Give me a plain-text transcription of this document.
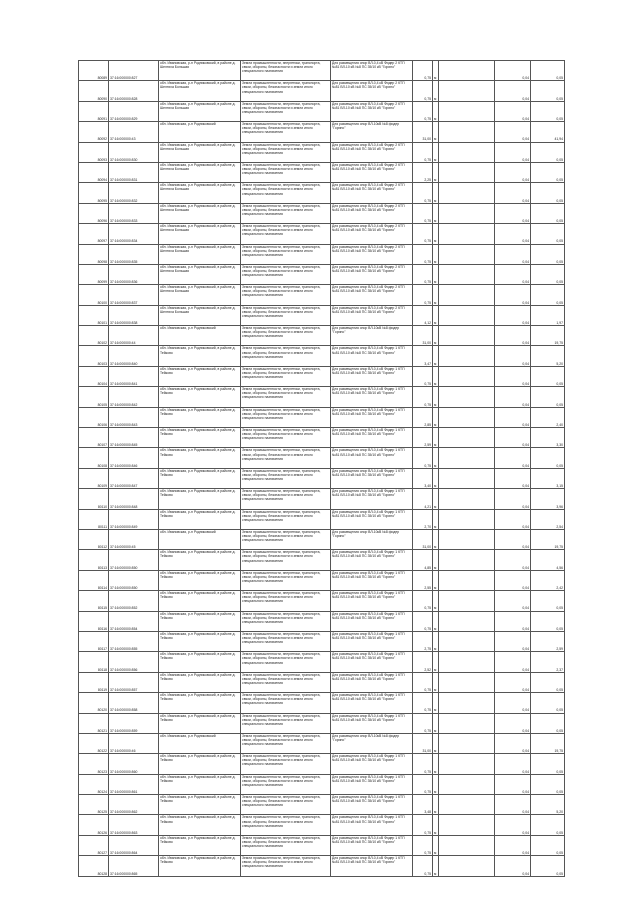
80089	37:16:000000:827	обл. Ивановская, р-н Родниковский, в районе д. Шелтиха Большая	Земли промышленности, энергетики, транспорта, связи, обороны, безопасности и земли иного специального назначения	Для размещения опор ВЛ-0,4 кВ Фидер 2 КТП №81 ВЛ-10 кВ №8 ПС 35/10 кВ "Горино"	0,75	м		0,04	0,05
80090	37:16:000000:828	обл. Ивановская, р-н Родниковский, в районе д. Шелтиха Большая	Земли промышленности, энергетики, транспорта, связи, обороны, безопасности и земли иного специального назначения	Для размещения опор ВЛ-0,4 кВ Фидер 2 КТП №81 ВЛ-10 кВ №8 ПС 35/10 кВ "Горино"	0,75	м		0,04	0,05
80091	37:16:000000:829	обл. Ивановская, р-н Родниковский, в районе д. Шелтиха Большая	Земли промышленности, энергетики, транспорта, связи, обороны, безопасности и земли иного специального назначения	Для размещения опор ВЛ-0,4 кВ Фидер 2 КТП №81 ВЛ-10 кВ №8 ПС 35/10 кВ "Горино"	0,75	м		0,04	0,05
80092	37:16:000000:43	обл. Ивановская, р-н Родниковский	Земли промышленности, энергетики, транспорта, связи, обороны, безопасности и земли иного специального назначения	Для размещения опор ВЛ-10кВ №8 фидер "Горино"	31,00	м		0,04	41,94
80093	37:16:000000:830	обл. Ивановская, р-н Родниковский, в районе д. Шелтиха Большая	Земли промышленности, энергетики, транспорта, связи, обороны, безопасности и земли иного специального назначения	Для размещения опор ВЛ-0,4 кВ Фидер 2 КТП №81 ВЛ-10 кВ №8 ПС 35/10 кВ "Горино"	0,75	м		0,04	0,05
80094	37:16:000000:831	обл. Ивановская, р-н Родниковский, в районе д. Шелтиха Большая	Земли промышленности, энергетики, транспорта, связи, обороны, безопасности и земли иного специального назначения	Для размещения опор ВЛ-0,4 кВ Фидер 2 КТП №81 ВЛ-10 кВ №8 ПС 35/10 кВ "Горино"	2,25	м		0,04	0,05
80095	37:16:000000:832	обл. Ивановская, р-н Родниковский, в районе д. Шелтиха Большая	Земли промышленности, энергетики, транспорта, связи, обороны, безопасности и земли иного специального назначения	Для размещения опор ВЛ-0,4 кВ Фидер 2 КТП №81 ВЛ-10 кВ №8 ПС 35/10 кВ "Горино"	0,75	м		0,04	0,05
80096	37:16:000000:833	обл. Ивановская, р-н Родниковский, в районе д. Шелтиха Большая	Земли промышленности, энергетики, транспорта, связи, обороны, безопасности и земли иного специального назначения	Для размещения опор ВЛ-0,4 кВ Фидер 2 КТП №81 ВЛ-10 кВ №8 ПС 35/10 кВ "Горино"	0,75	м		0,04	0,05
80097	37:16:000000:834	обл. Ивановская, р-н Родниковский, в районе д. Шелтиха Большая	Земли промышленности, энергетики, транспорта, связи, обороны, безопасности и земли иного специального назначения	Для размещения опор ВЛ-0,4 кВ Фидер 2 КТП №81 ВЛ-10 кВ №8 ПС 35/10 кВ "Горино"	0,75	м		0,04	0,05
80098	37:16:000000:835	обл. Ивановская, р-н Родниковский, в районе д. Шелтиха Большая	Земли промышленности, энергетики, транспорта, связи, обороны, безопасности и земли иного специального назначения	Для размещения опор ВЛ-0,4 кВ Фидер 2 КТП №81 ВЛ-10 кВ №8 ПС 35/10 кВ "Горино"	0,75	м		0,04	0,05
80099	37:16:000000:836	обл. Ивановская, р-н Родниковский, в районе д. Шелтиха Большая	Земли промышленности, энергетики, транспорта, связи, обороны, безопасности и земли иного специального назначения	Для размещения опор ВЛ-0,4 кВ Фидер 2 КТП №81 ВЛ-10 кВ №8 ПС 35/10 кВ "Горино"	0,75	м		0,04	0,05
80100	37:16:000000:837	обл. Ивановская, р-н Родниковский, в районе д. Шелтиха Большая	Земли промышленности, энергетики, транспорта, связи, обороны, безопасности и земли иного специального назначения	Для размещения опор ВЛ-0,4 кВ Фидер 2 КТП №81 ВЛ-10 кВ №8 ПС 35/10 кВ "Горино"	0,75	м		0,04	0,05
80101	37:16:000000:838	обл. Ивановская, р-н Родниковский, в районе д. Шелтиха Большая	Земли промышленности, энергетики, транспорта, связи, обороны, безопасности и земли иного специального назначения	Для размещения опор ВЛ-0,4 кВ Фидер 2 КТП №81 ВЛ-10 кВ №8 ПС 35/10 кВ "Горино"	4,12	м		0,04	1,97
80102	37:16:000000:44	обл. Ивановская, р-н Родниковский	Земли промышленности, энергетики, транспорта, связи, обороны, безопасности и земли иного специального назначения	Для размещения опор ВЛ-10кВ №8 фидер "Горино"	31,00	м		0,04	19,75
80103	37:16:000000:840	обл. Ивановская, р-н Родниковский, в районе д. Тейково	Земли промышленности, энергетики, транспорта, связи, обороны, безопасности и земли иного специального назначения	Для размещения опор ВЛ-0,4 кВ Фидер 1 КТП №81 ВЛ-10 кВ №8 ПС 35/10 кВ "Горино"	3,47	м		0,04	5,20
80104	37:16:000000:841	обл. Ивановская, р-н Родниковский, в районе д. Тейково	Земли промышленности, энергетики, транспорта, связи, обороны, безопасности и земли иного специального назначения	Для размещения опор ВЛ-0,4 кВ Фидер 1 КТП №81 ВЛ-10 кВ №8 ПС 35/10 кВ "Горино"	0,75	м		0,04	0,05
80105	37:16:000000:842	обл. Ивановская, р-н Родниковский, в районе д. Тейково	Земли промышленности, энергетики, транспорта, связи, обороны, безопасности и земли иного специального назначения	Для размещения опор ВЛ-0,4 кВ Фидер 1 КТП №81 ВЛ-10 кВ №8 ПС 35/10 кВ "Горино"	0,75	м		0,04	0,05
80106	37:16:000000:843	обл. Ивановская, р-н Родниковский, в районе д. Тейково	Земли промышленности, энергетики, транспорта, связи, обороны, безопасности и земли иного специального назначения	Для размещения опор ВЛ-0,4 кВ Фидер 1 КТП №81 ВЛ-10 кВ №8 ПС 35/10 кВ "Горино"	2,85	м		0,04	2,40
80107	37:16:000000:845	обл. Ивановская, р-н Родниковский, в районе д. Тейково	Земли промышленности, энергетики, транспорта, связи, обороны, безопасности и земли иного специального назначения	Для размещения опор ВЛ-0,4 кВ Фидер 1 КТП №81 ВЛ-10 кВ №8 ПС 35/10 кВ "Горино"	2,59	м		0,04	3,30
80108	37:16:000000:846	обл. Ивановская, р-н Родниковский, в районе д. Тейково	Земли промышленности, энергетики, транспорта, связи, обороны, безопасности и земли иного специального назначения	Для размещения опор ВЛ-0,4 кВ Фидер 1 КТП №81 ВЛ-10 кВ №8 ПС 35/10 кВ "Горино"	0,75	м		0,04	0,05
80109	37:16:000000:847	обл. Ивановская, р-н Родниковский, в районе д. Тейково	Земли промышленности, энергетики, транспорта, связи, обороны, безопасности и земли иного специального назначения	Для размещения опор ВЛ-0,4 кВ Фидер 1 КТП №81 ВЛ-10 кВ №8 ПС 35/10 кВ "Горино"	3,40	м		0,04	3,15
80110	37:16:000000:848	обл. Ивановская, р-н Родниковский, в районе д. Тейково	Земли промышленности, энергетики, транспорта, связи, обороны, безопасности и земли иного специального назначения	Для размещения опор ВЛ-0,4 кВ Фидер 1 КТП №81 ВЛ-10 кВ №8 ПС 35/10 кВ "Горино"	4,21	м		0,04	3,96
80111	37:16:000000:849	обл. Ивановская, р-н Родниковский, в районе д. Тейково	Земли промышленности, энергетики, транспорта, связи, обороны, безопасности и земли иного специального назначения	Для размещения опор ВЛ-0,4 кВ Фидер 1 КТП №81 ВЛ-10 кВ №8 ПС 35/10 кВ "Горино"	2,70	м		0,04	2,54
80112	37:16:000000:45	обл. Ивановская, р-н Родниковский	Земли промышленности, энергетики, транспорта, связи, обороны, безопасности и земли иного специального назначения	Для размещения опор ВЛ-10кВ №8 фидер "Горино"	31,00	м		0,04	19,75
80113	37:16:000000:850	обл. Ивановская, р-н Родниковский, в районе д. Тейково	Земли промышленности, энергетики, транспорта, связи, обороны, безопасности и земли иного специального назначения	Для размещения опор ВЛ-0,4 кВ Фидер 1 КТП №81 ВЛ-10 кВ №8 ПС 35/10 кВ "Горино"	4,85	м		0,04	4,56
80114	37:16:000000:850	обл. Ивановская, р-н Родниковский, в районе д. Тейково	Земли промышленности, энергетики, транспорта, связи, обороны, безопасности и земли иного специального назначения	Для размещения опор ВЛ-0,4 кВ Фидер 1 КТП №81 ВЛ-10 кВ №8 ПС 35/10 кВ "Горино"	2,55	м		0,04	2,42
80115	37:16:000000:852	обл. Ивановская, р-н Родниковский, в районе д. Тейково	Земли промышленности, энергетики, транспорта, связи, обороны, безопасности и земли иного специального назначения	Для размещения опор ВЛ-0,4 кВ Фидер 1 КТП №81 ВЛ-10 кВ №8 ПС 35/10 кВ "Горино"	0,75	м		0,04	0,05
80116	37:16:000000:854	обл. Ивановская, р-н Родниковский, в районе д. Тейково	Земли промышленности, энергетики, транспорта, связи, обороны, безопасности и земли иного специального назначения	Для размещения опор ВЛ-0,4 кВ Фидер 1 КТП №81 ВЛ-10 кВ №8 ПС 35/10 кВ "Горино"	0,75	м		0,04	0,05
80117	37:16:000000:855	обл. Ивановская, р-н Родниковский, в районе д. Тейково	Земли промышленности, энергетики, транспорта, связи, обороны, безопасности и земли иного специального назначения	Для размещения опор ВЛ-0,4 кВ Фидер 1 КТП №81 ВЛ-10 кВ №8 ПС 35/10 кВ "Горино"	2,75	м		0,04	2,59
80118	37:16:000000:856	обл. Ивановская, р-н Родниковский, в районе д. Тейково	Земли промышленности, энергетики, транспорта, связи, обороны, безопасности и земли иного специального назначения	Для размещения опор ВЛ-0,4 кВ Фидер 1 КТП №81 ВЛ-10 кВ №8 ПС 35/10 кВ "Горино"	2,52	м		0,04	2,37
80119	37:16:000000:857	обл. Ивановская, р-н Родниковский, в районе д. Тейково	Земли промышленности, энергетики, транспорта, связи, обороны, безопасности и земли иного специального назначения	Для размещения опор ВЛ-0,4 кВ Фидер 1 КТП №81 ВЛ-10 кВ №8 ПС 35/10 кВ "Горино"	0,75	м		0,04	0,05
80120	37:16:000000:858	обл. Ивановская, р-н Родниковский, в районе д. Тейково	Земли промышленности, энергетики, транспорта, связи, обороны, безопасности и земли иного специального назначения	Для размещения опор ВЛ-0,4 кВ Фидер 1 КТП №81 ВЛ-10 кВ №8 ПС 35/10 кВ "Горино"	0,75	м		0,04	0,05
80121	37:16:000000:859	обл. Ивановская, р-н Родниковский, в районе д. Тейково	Земли промышленности, энергетики, транспорта, связи, обороны, безопасности и земли иного специального назначения	Для размещения опор ВЛ-0,4 кВ Фидер 1 КТП №81 ВЛ-10 кВ №8 ПС 35/10 кВ "Горино"	0,75	м		0,04	0,05
80122	37:16:000000:46	обл. Ивановская, р-н Родниковский	Земли промышленности, энергетики, транспорта, связи, обороны, безопасности и земли иного специального назначения	Для размещения опор ВЛ-10кВ №8 фидер "Горино"	31,00	м		0,04	19,75
80123	37:16:000000:860	обл. Ивановская, р-н Родниковский, в районе д. Тейково	Земли промышленности, энергетики, транспорта, связи, обороны, безопасности и земли иного специального назначения	Для размещения опор ВЛ-0,4 кВ Фидер 1 КТП №81 ВЛ-10 кВ №8 ПС 35/10 кВ "Горино"	0,75	м		0,04	0,05
80124	37:16:000000:861	обл. Ивановская, р-н Родниковский, в районе д. Тейково	Земли промышленности, энергетики, транспорта, связи, обороны, безопасности и земли иного специального назначения	Для размещения опор ВЛ-0,4 кВ Фидер 1 КТП №81 ВЛ-10 кВ №8 ПС 35/10 кВ "Горино"	0,75	м		0,04	0,05
80125	37:16:000000:862	обл. Ивановская, р-н Родниковский, в районе д. Тейково	Земли промышленности, энергетики, транспорта, связи, обороны, безопасности и земли иного специального назначения	Для размещения опор ВЛ-0,4 кВ Фидер 1 КТП №81 ВЛ-10 кВ №8 ПС 35/10 кВ "Горино"	3,48	м		0,04	5,20
80126	37:16:000000:863	обл. Ивановская, р-н Родниковский, в районе д. Тейково	Земли промышленности, энергетики, транспорта, связи, обороны, безопасности и земли иного специального назначения	Для размещения опор ВЛ-0,4 кВ Фидер 1 КТП №81 ВЛ-10 кВ №8 ПС 35/10 кВ "Горино"	0,75	м		0,04	0,05
80127	37:16:000000:864	обл. Ивановская, р-н Родниковский, в районе д. Тейково	Земли промышленности, энергетики, транспорта, связи, обороны, безопасности и земли иного специального назначения	Для размещения опор ВЛ-0,4 кВ Фидер 1 КТП №81 ВЛ-10 кВ №8 ПС 35/10 кВ "Горино"	0,75	м		0,04	0,05
80128	37:16:000000:865	обл. Ивановская, р-н Родниковский, в районе д. Тейково	Земли промышленности, энергетики, транспорта, связи, обороны, безопасности и земли иного специального назначения	Для размещения опор ВЛ-0,4 кВ Фидер 1 КТП №81 ВЛ-10 кВ №8 ПС 35/10 кВ "Горино"	0,75	м		0,04	0,05
